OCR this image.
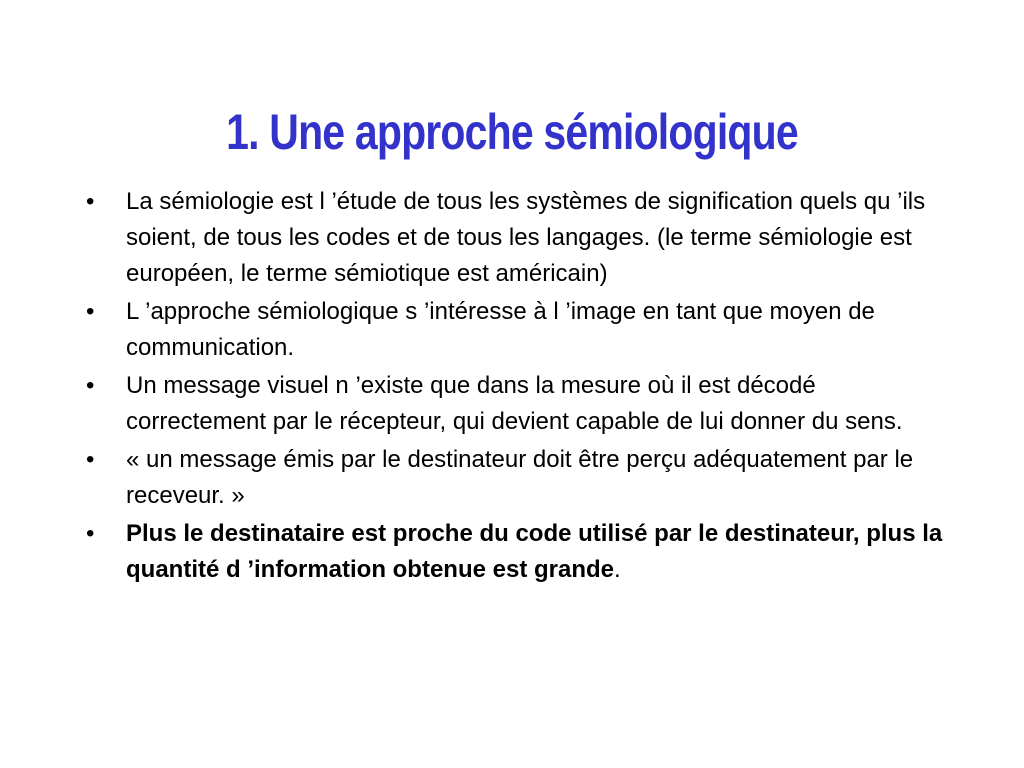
1. Une approche sémiologique
•	La sémiologie est l ’étude de tous les systèmes de signification quels qu ’ils soient, de tous les codes et de tous les langages. (le terme sémiologie est européen, le terme sémiotique est américain)
•	L ’approche sémiologique s ’intéresse à l ’image en tant que moyen de communication.
•	Un message visuel n ’existe que dans la mesure où il est décodé correctement par le récepteur, qui devient capable de lui donner du sens.
•	« un message émis par le destinateur doit être perçu adéquatement par le receveur. »
•	Plus le destinataire est proche du code utilisé par le destinateur, plus la quantité d ’information obtenue est grande.
